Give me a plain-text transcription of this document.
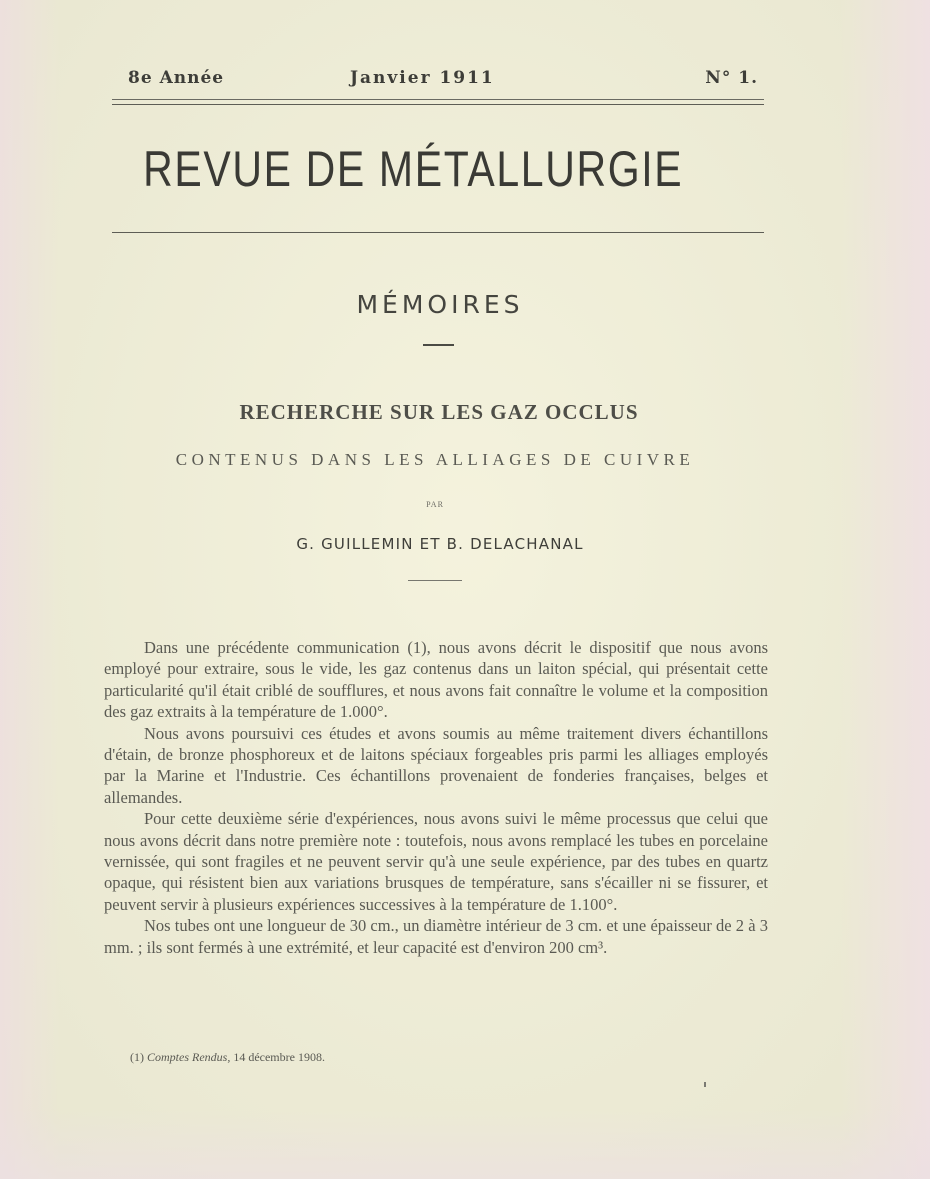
8e Année	Janvier 1911	N° 1.
REVUE DE MÉTALLURGIE
MÉMOIRES
RECHERCHE SUR LES GAZ OCCLUS
CONTENUS DANS LES ALLIAGES DE CUIVRE
PAR
G. GUILLEMIN ET B. DELACHANAL

Dans une précédente communication (1), nous avons décrit le dispositif que nous avons employé pour extraire, sous le vide, les gaz contenus dans un laiton spécial, qui présentait cette particularité qu'il était criblé de soufflures, et nous avons fait connaître le volume et la composition des gaz extraits à la température de 1.000°.

Nous avons poursuivi ces études et avons soumis au même traitement divers échantillons d'étain, de bronze phosphoreux et de laitons spéciaux forgeables pris parmi les alliages employés par la Marine et l'Industrie. Ces échantillons provenaient de fonderies françaises, belges et allemandes.

Pour cette deuxième série d'expériences, nous avons suivi le même processus que celui que nous avons décrit dans notre première note : toutefois, nous avons remplacé les tubes en porcelaine vernissée, qui sont fragiles et ne peuvent servir qu'à une seule expérience, par des tubes en quartz opaque, qui résistent bien aux variations brusques de température, sans s'écailler ni se fissurer, et peuvent servir à plusieurs expériences successives à la température de 1.100°.

Nos tubes ont une longueur de 30 cm., un diamètre intérieur de 3 cm. et une épaisseur de 2 à 3 mm. ; ils sont fermés à une extrémité, et leur capacité est d'environ 200 cm³.

(1) Comptes Rendus, 14 décembre 1908.
